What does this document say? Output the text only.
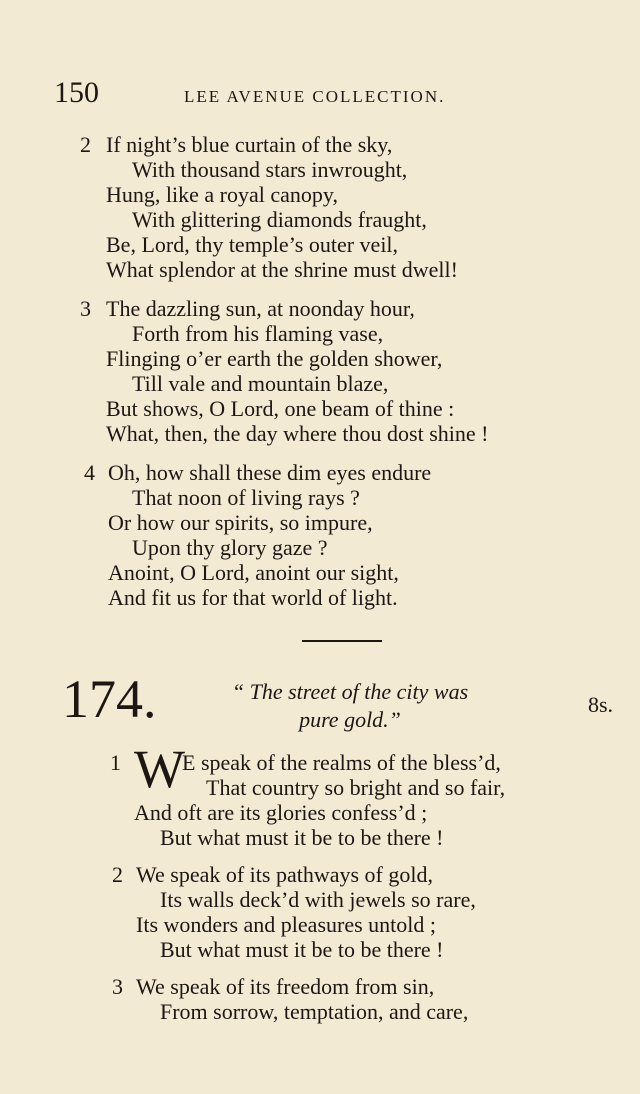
150	LEE AVENUE COLLECTION.
2 If night’s blue curtain of the sky,
With thousand stars inwrought,
Hung, like a royal canopy,
With glittering diamonds fraught,
Be, Lord, thy temple’s outer veil,
What splendor at the shrine must dwell!
3 The dazzling sun, at noonday hour,
Forth from his flaming vase,
Flinging o’er earth the golden shower,
Till vale and mountain blaze,
But shows, O Lord, one beam of thine :
What, then, the day where thou dost shine !
4 Oh, how shall these dim eyes endure
That noon of living rays ?
Or how our spirits, so impure,
Upon thy glory gaze ?
Anoint, O Lord, anoint our sight,
And fit us for that world of light.
174.	“ The street of the city was
pure gold.”
8s.
1 W
E speak of the realms of the bless’d,
That country so bright and so fair,
And oft are its glories confess’d ;
But what must it be to be there !
2 We speak of its pathways of gold,
Its walls deck’d with jewels so rare,
Its wonders and pleasures untold ;
But what must it be to be there !
3 We speak of its freedom from sin,
From sorrow, temptation, and care,
